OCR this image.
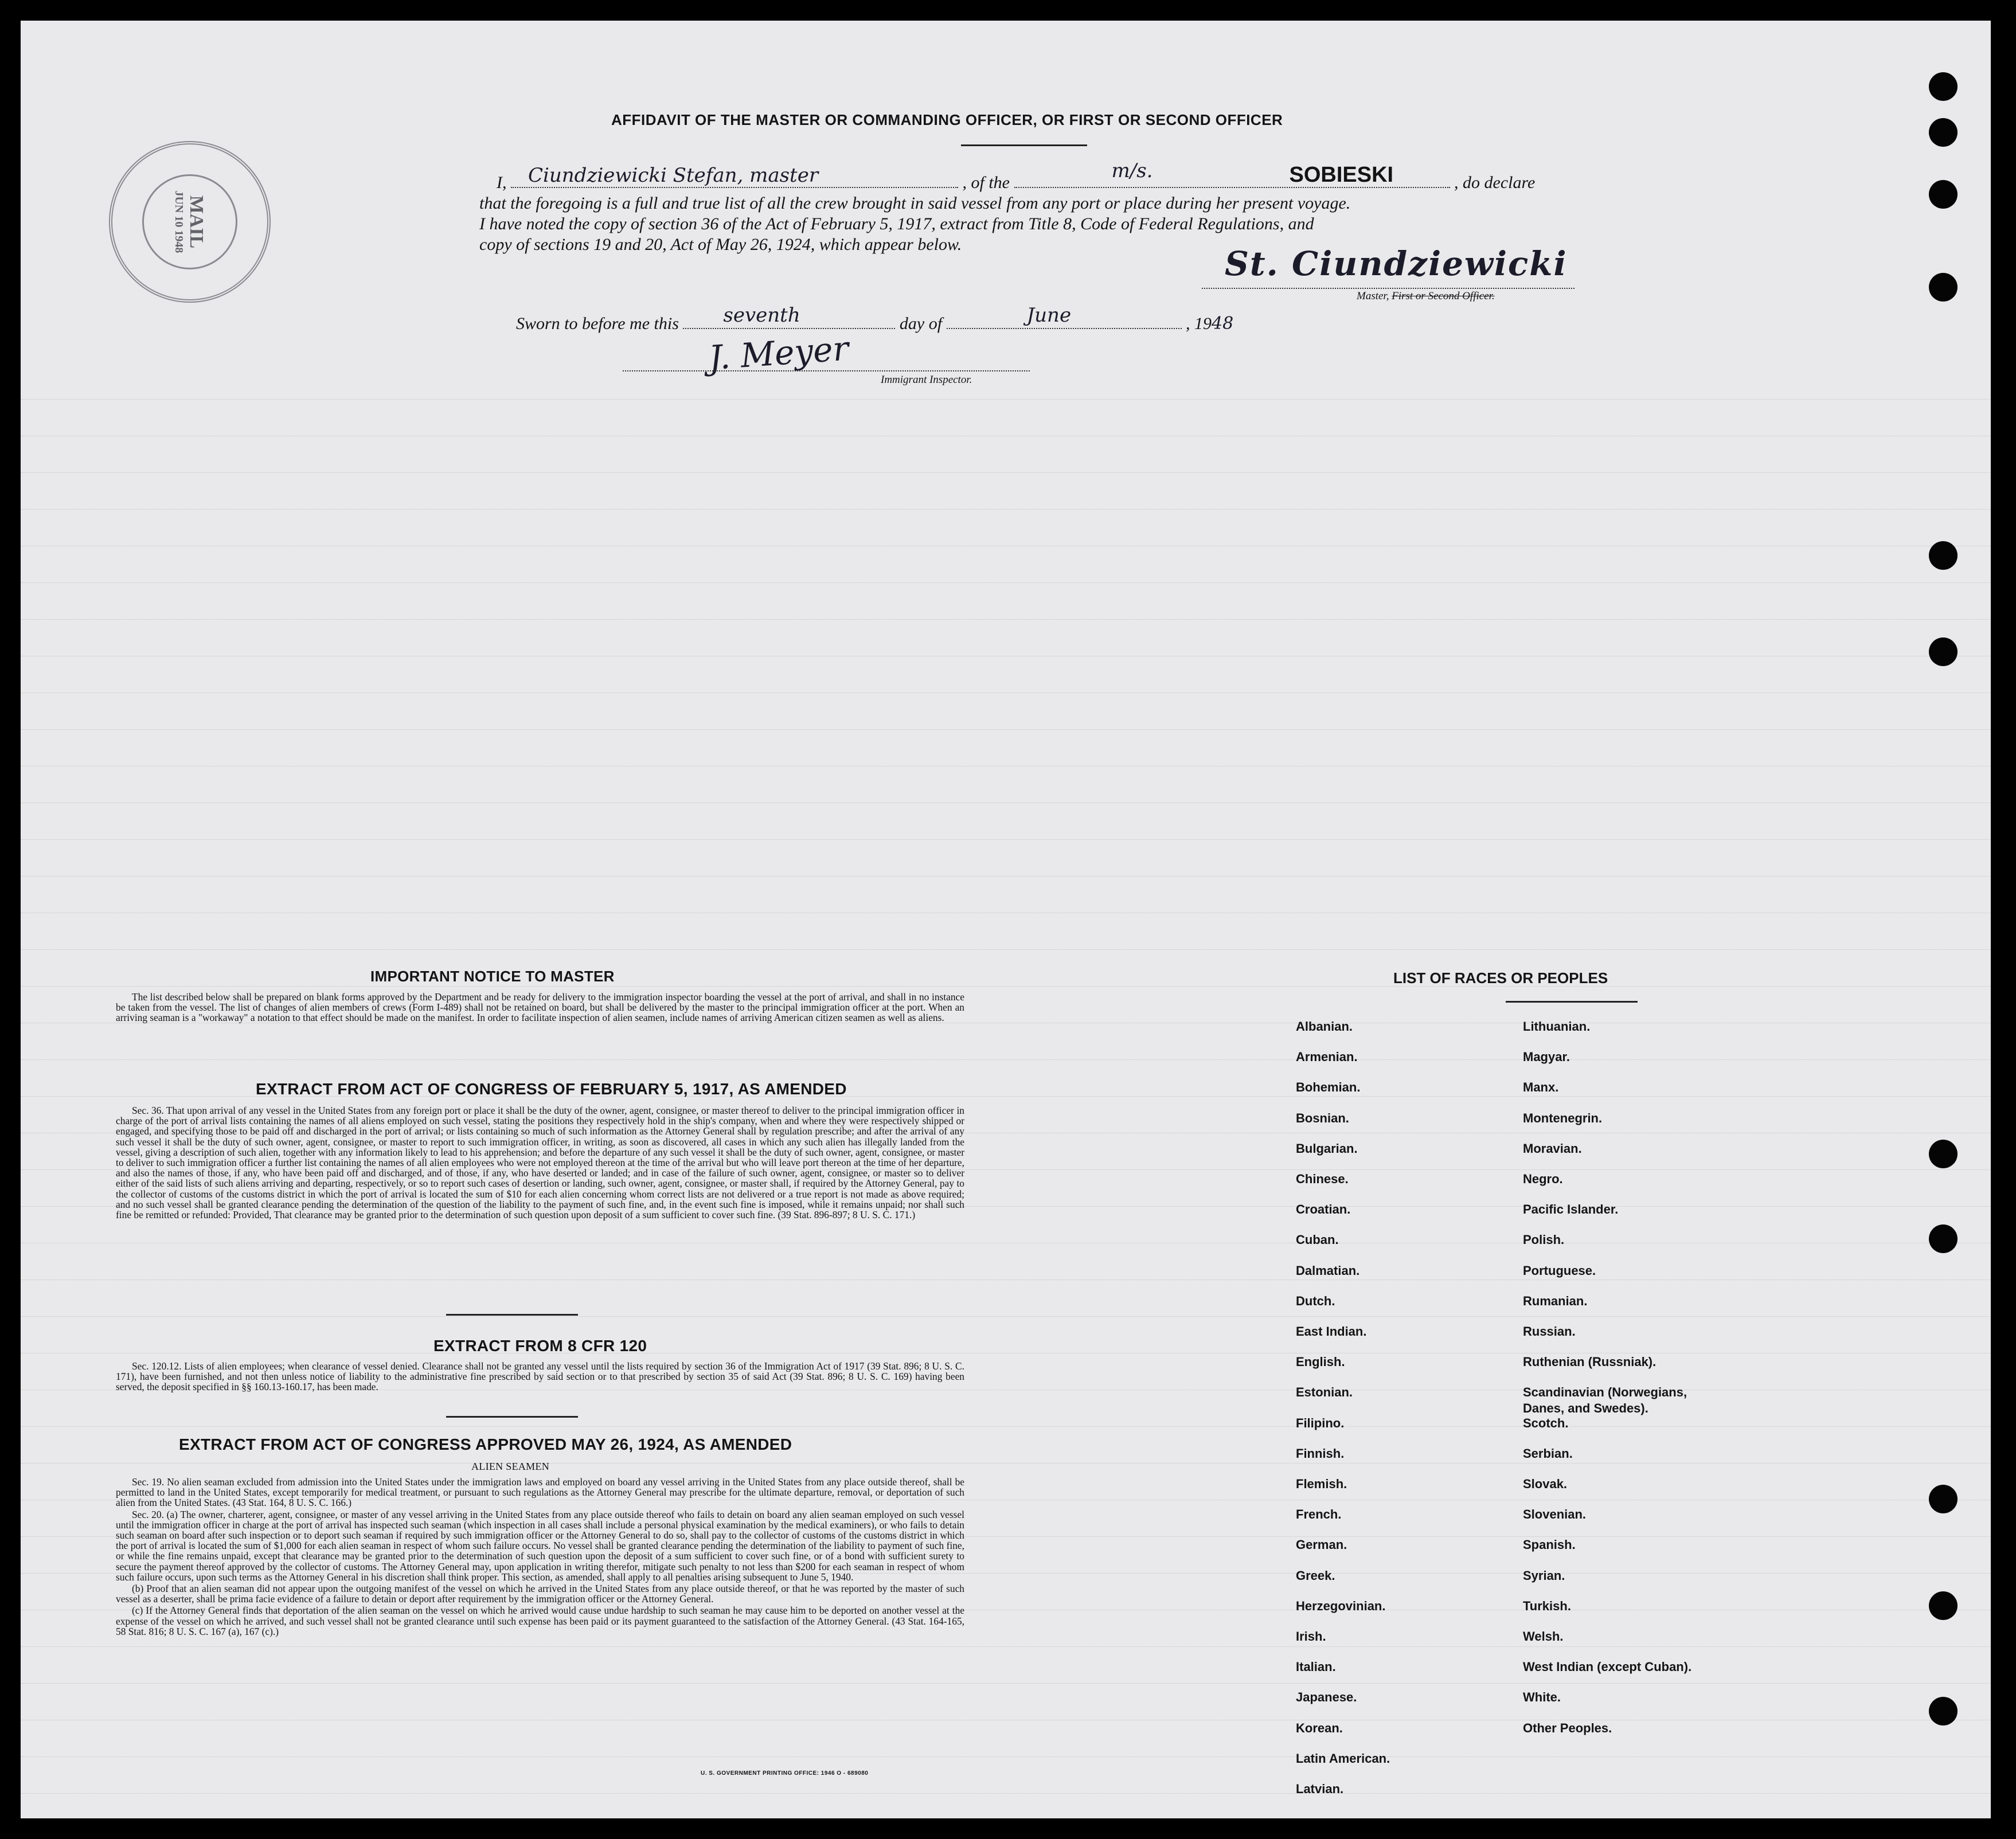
MAIL
JUN 10 1948
AFFIDAVIT OF THE MASTER OR COMMANDING OFFICER, OR FIRST OR SECOND OFFICER
I, Ciundziewicki Stefan, master	, of the
m/s.	SOBIESKI	, do declare
that the foregoing is a full and true list of all the crew brought in said vessel from any port or place during her present voyage.
I have noted the copy of section 36 of the Act of February 5, 1917, extract from Title 8, Code of Federal Regulations, and
copy of sections 19 and 20, Act of May 26, 1924, which appear below.	St. Ciundziewicki
Master, First or Second Officer.
Sworn to before me this seventh	day of	June	, 1948
J. Meyer
Immigrant Inspector.
IMPORTANT NOTICE TO MASTER

The list described below shall be prepared on blank forms approved by the Department and be ready for delivery to the immigration inspector boarding the vessel at the port of arrival, and shall in no instance be taken from the vessel. The list of changes of alien members of crews (Form I-489) shall not be retained on board, but shall be delivered by the master to the principal immigration officer at the port. When an arriving seaman is a "workaway" a notation to that effect should be made on the manifest. In order to facilitate inspection of alien seamen, include names of arriving American citizen seamen as well as aliens.

EXTRACT FROM ACT OF CONGRESS OF FEBRUARY 5, 1917, AS AMENDED

Sec. 36. That upon arrival of any vessel in the United States from any foreign port or place it shall be the duty of the owner, agent, consignee, or master thereof to deliver to the principal immigration officer in charge of the port of arrival lists containing the names of all aliens employed on such vessel, stating the positions they respectively hold in the ship's company, when and where they were respectively shipped or engaged, and specifying those to be paid off and discharged in the port of arrival; or lists containing so much of such information as the Attorney General shall by regulation prescribe; and after the arrival of any such vessel it shall be the duty of such owner, agent, consignee, or master to report to such immigration officer, in writing, as soon as discovered, all cases in which any such alien has illegally landed from the vessel, giving a description of such alien, together with any information likely to lead to his apprehension; and before the departure of any such vessel it shall be the duty of such owner, agent, consignee, or master to deliver to such immigration officer a further list containing the names of all alien employees who were not employed thereon at the time of the arrival but who will leave port thereon at the time of her departure, and also the names of those, if any, who have been paid off and discharged, and of those, if any, who have deserted or landed; and in case of the failure of such owner, agent, consignee, or master so to deliver either of the said lists of such aliens arriving and departing, respectively, or so to report such cases of desertion or landing, such owner, agent, consignee, or master shall, if required by the Attorney General, pay to the collector of customs of the customs district in which the port of arrival is located the sum of $10 for each alien concerning whom correct lists are not delivered or a true report is not made as above required; and no such vessel shall be granted clearance pending the determination of the question of the liability to the payment of such fine, and, in the event such fine is imposed, while it remains unpaid; nor shall such fine be remitted or refunded: Provided, That clearance may be granted prior to the determination of such question upon deposit of a sum sufficient to cover such fine. (39 Stat. 896-897; 8 U. S. C. 171.)

EXTRACT FROM 8 CFR 120

Sec. 120.12. Lists of alien employees; when clearance of vessel denied. Clearance shall not be granted any vessel until the lists required by section 36 of the Immigration Act of 1917 (39 Stat. 896; 8 U. S. C. 171), have been furnished, and not then unless notice of liability to the administrative fine prescribed by said section or to that prescribed by section 35 of said Act (39 Stat. 896; 8 U. S. C. 169) having been served, the deposit specified in §§ 160.13-160.17, has been made.

EXTRACT FROM ACT OF CONGRESS APPROVED MAY 26, 1924, AS AMENDED
ALIEN SEAMEN

Sec. 19. No alien seaman excluded from admission into the United States under the immigration laws and employed on board any vessel arriving in the United States from any place outside thereof, shall be permitted to land in the United States, except temporarily for medical treatment, or pursuant to such regulations as the Attorney General may prescribe for the ultimate departure, removal, or deportation of such alien from the United States. (43 Stat. 164, 8 U. S. C. 166.)

Sec. 20. (a) The owner, charterer, agent, consignee, or master of any vessel arriving in the United States from any place outside thereof who fails to detain on board any alien seaman employed on such vessel until the immigration officer in charge at the port of arrival has inspected such seaman (which inspection in all cases shall include a personal physical examination by the medical examiners), or who fails to detain such seaman on board after such inspection or to deport such seaman if required by such immigration officer or the Attorney General to do so, shall pay to the collector of customs of the customs district in which the port of arrival is located the sum of $1,000 for each alien seaman in respect of whom such failure occurs. No vessel shall be granted clearance pending the determination of the liability to payment of such fine, or while the fine remains unpaid, except that clearance may be granted prior to the determination of such question upon the deposit of a sum sufficient to cover such fine, or of a bond with sufficient surety to secure the payment thereof approved by the collector of customs. The Attorney General may, upon application in writing therefor, mitigate such penalty to not less than $200 for each seaman in respect of whom such failure occurs, upon such terms as the Attorney General in his discretion shall think proper. This section, as amended, shall apply to all penalties arising subsequent to June 5, 1940.

(b) Proof that an alien seaman did not appear upon the outgoing manifest of the vessel on which he arrived in the United States from any place outside thereof, or that he was reported by the master of such vessel as a deserter, shall be prima facie evidence of a failure to detain or deport after requirement by the immigration officer or the Attorney General.

(c) If the Attorney General finds that deportation of the alien seaman on the vessel on which he arrived would cause undue hardship to such seaman he may cause him to be deported on another vessel at the expense of the vessel on which he arrived, and such vessel shall not be granted clearance until such expense has been paid or its payment guaranteed to the satisfaction of the Attorney General. (43 Stat. 164-165, 58 Stat. 816; 8 U. S. C. 167 (a), 167 (c).)

U. S. GOVERNMENT PRINTING OFFICE: 1946 O - 689080
LIST OF RACES OR PEOPLES
Albanian.
Armenian.
Bohemian.
Bosnian.
Bulgarian.
Chinese.
Croatian.
Cuban.
Dalmatian.
Dutch.
East Indian.
English.
Estonian.
Filipino.
Finnish.
Flemish.
French.
German.
Greek.
Herzegovinian.
Irish.
Italian.
Japanese.
Korean.
Latin American.
Latvian.
Lithuanian.
Magyar.
Manx.
Montenegrin.
Moravian.
Negro.
Pacific Islander.
Polish.
Portuguese.
Rumanian.
Russian.
Ruthenian (Russniak).
Scandinavian (Norwegians,
Danes, and Swedes).
Scotch.
Serbian.
Slovak.
Slovenian.
Spanish.
Syrian.
Turkish.
Welsh.
West Indian (except Cuban).
White.
Other Peoples.
